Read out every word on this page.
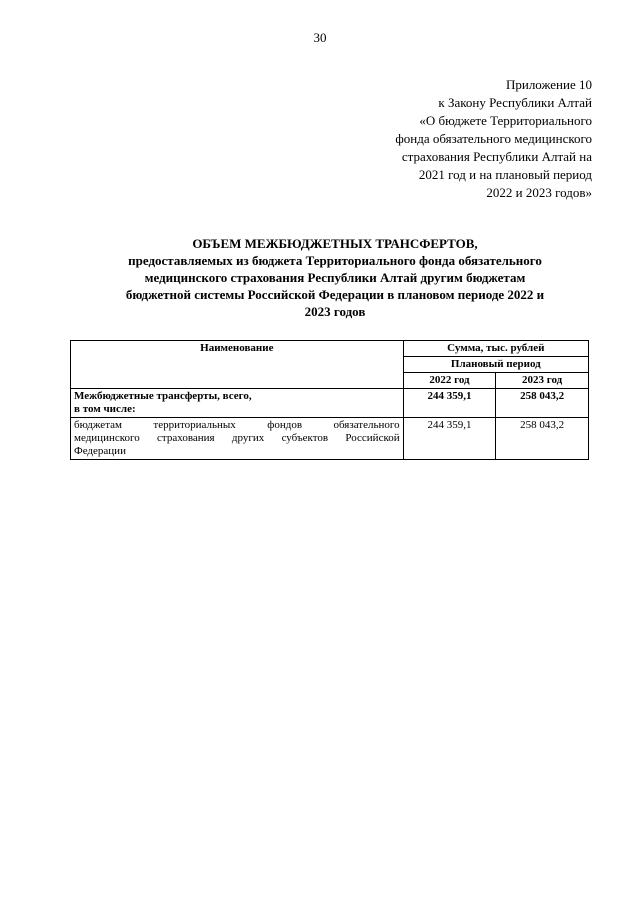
30
Приложение 10
к Закону Республики Алтай
«О бюджете Территориального
фонда обязательного медицинского
страхования Республики Алтай на
2021 год и на плановый период
2022 и 2023 годов»
ОБЪЕМ МЕЖБЮДЖЕТНЫХ ТРАНСФЕРТОВ,
предоставляемых из бюджета Территориального фонда обязательного
медицинского страхования Республики Алтай другим бюджетам
бюджетной системы Российской Федерации в плановом периоде 2022 и
2023 годов
Наименование	Сумма, тыс. рублей	
	Плановый период	
	2022 год	2023 год

Межбюджетные трансферты, всего,
в том числе:	244 359,1	258 043,2

бюджетам территориальных фондов обязательного
медицинского страхования других субъектов Российской
Федерации	244 359,1	258 043,2
